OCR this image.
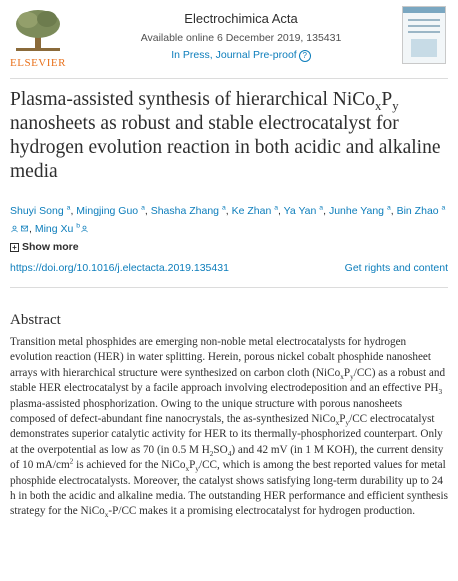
ELSEVIER
Electrochimica Acta
Available online 6 December 2019, 135431
In Press, Journal Pre-proof ?
Plasma-assisted synthesis of hierarchical $NiCo_xP_y$ nanosheets as robust and stable electrocatalyst for hydrogen evolution reaction in both acidic and alkaline media
Shuyi Song $^a$, Mingjing Guo $^a$, Shasha Zhang $^a$, Ke Zhan $^a$, Ya Yan $^a$, Junhe Yang $^a$, Bin Zhao $^a$, Ming Xu $^b$
+ Show more
https://doi.org/10.1016/j.electacta.2019.135431	Get rights and content
Abstract

Transition metal phosphides are emerging non-noble metal electrocatalysts for hydrogen evolution reaction (HER) in water splitting. Herein, porous nickel cobalt phosphide nanosheet arrays with hierarchical structure were synthesized on carbon cloth $(NiCo_xP_y/CC)$ as a robust and stable HER electrocatalyst by a facile approach involving electrodeposition and an effective $PH_3$ plasma-assisted phosphorization. Owing to the unique structure with porous nanosheets composed of defect-abundant fine nanocrystals, the as-synthesized $NiCo_xP_y/CC$ electrocatalyst demonstrates superior catalytic activity for HER to its thermally-phosphorized counterpart. Only at the overpotential as low as 70 (in 0.5 M $H_2SO_4$) and 42 mV (in 1 M KOH), the current density of 10 $mA/cm^2$ is achieved for the $NiCo_xP_y/CC$, which is among the best reported values for metal phosphide electrocatalysts. Moreover, the catalyst shows satisfying long-term durability up to 24 h in both the acidic and alkaline media. The outstanding HER performance and efficient synthesis strategy for the NiCo$_x$-P/CC makes it a promising electrocatalyst for hydrogen production.
